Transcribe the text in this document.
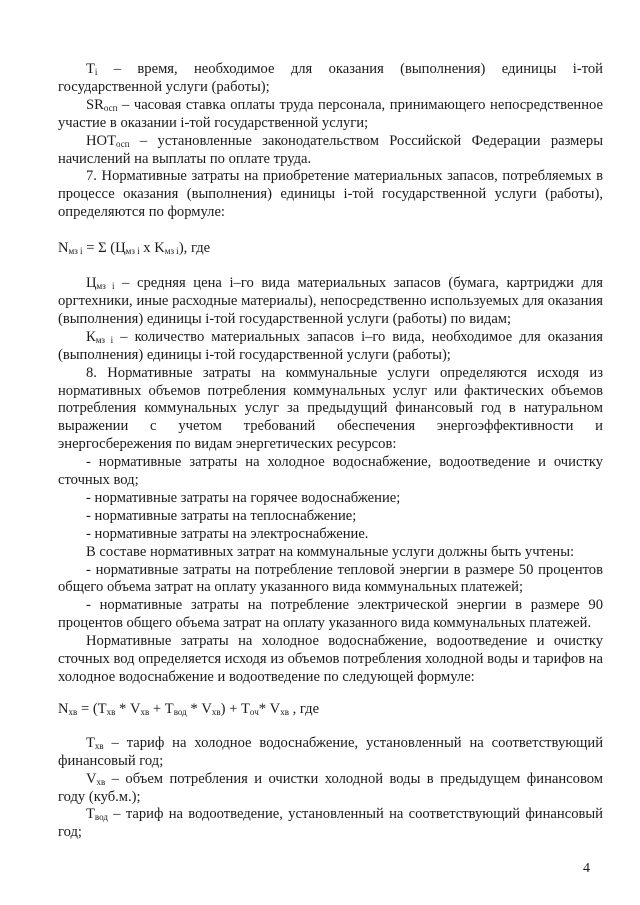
$T_i$ – время, необходимое для оказания (выполнения) единицы i-той государственной услуги (работы);

$SR_{осп}$ – часовая ставка оплаты труда персонала, принимающего непосредственное участие в оказании i-той государственной услуги;

$НОТ_{осп}$ – установленные законодательством Российской Федерации размеры начислений на выплаты по оплате труда.

7. Нормативные затраты на приобретение материальных запасов, потребляемых в процессе оказания (выполнения) единицы i-той государственной услуги (работы), определяются по формуле:

$N_{мз i} = \Sigma$ ($Ц_{мз i}$ x $K_{мз i}$), где

$Ц_{мз i}$ – средняя цена i–го вида материальных запасов (бумага, картриджи для оргтехники, иные расходные материалы), непосредственно используемых для оказания (выполнения) единицы i-той государственной услуги (работы) по видам;

$К_{мз i}$ – количество материальных запасов i–го вида, необходимое для оказания (выполнения) единицы i-той государственной услуги (работы);

8. Нормативные затраты на коммунальные услуги определяются исходя из нормативных объемов потребления коммунальных услуг или фактических объемов потребления коммунальных услуг за предыдущий финансовый год в натуральном выражении с учетом требований обеспечения энергоэффективности и энергосбережения по видам энергетических ресурсов:

- нормативные затраты на холодное водоснабжение, водоотведение и очистку сточных вод;

- нормативные затраты на горячее водоснабжение;

- нормативные затраты на теплоснабжение;

- нормативные затраты на электроснабжение.

В составе нормативных затрат на коммунальные услуги должны быть учтены:

- нормативные затраты на потребление тепловой энергии в размере 50 процентов общего объема затрат на оплату указанного вида коммунальных платежей;

- нормативные затраты на потребление электрической энергии в размере 90 процентов общего объема затрат на оплату указанного вида коммунальных платежей.

Нормативные затраты на холодное водоснабжение, водоотведение и очистку сточных вод определяется исходя из объемов потребления холодной воды и тарифов на холодное водоснабжение и водоотведение по следующей формуле:

$N_{хв} = (T_{хв} * V_{хв} + T_{вод} * V_{хв}) + T_{оч}*$ $V_{хв}$ , где

$T_{хв}$ – тариф на холодное водоснабжение, установленный на соответствующий финансовый год;

$V_{хв}$ – объем потребления и очистки холодной воды в предыдущем финансовом году (куб.м.);

$T_{вод}$ – тариф на водоотведение, установленный на соответствующий финансовый год;

4
